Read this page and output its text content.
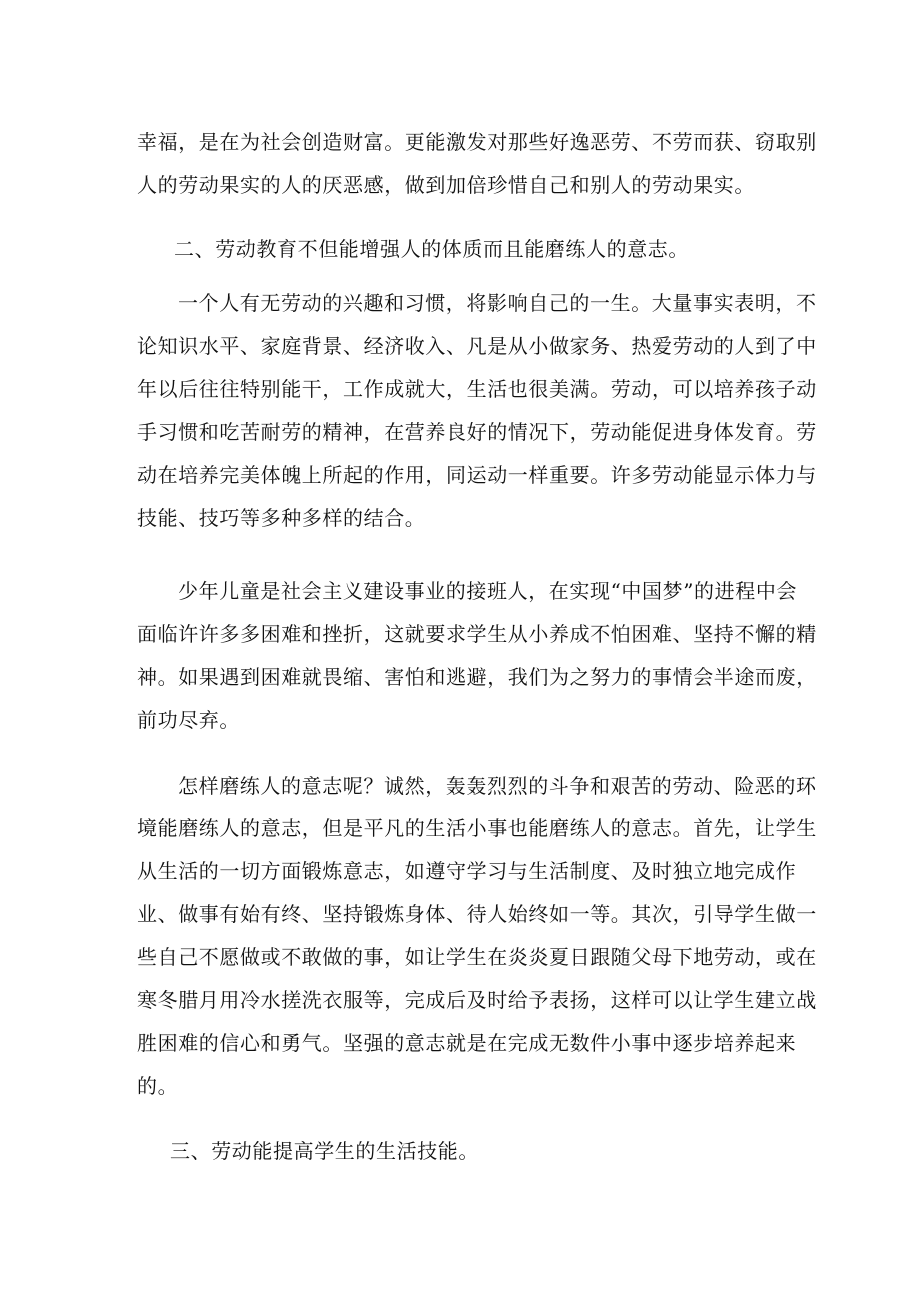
幸福，是在为社会创造财富。更能激发对那些好逸恶劳、不劳而获、窃取别

人的劳动果实的人的厌恶感，做到加倍珍惜自己和别人的劳动果实。

二、劳动教育不但能增强人的体质而且能磨练人的意志。

一个人有无劳动的兴趣和习惯，将影响自己的一生。大量事实表明，不

论知识水平、家庭背景、经济收入、凡是从小做家务、热爱劳动的人到了中

年以后往往特别能干，工作成就大，生活也很美满。劳动，可以培养孩子动

手习惯和吃苦耐劳的精神，在营养良好的情况下，劳动能促进身体发育。劳

动在培养完美体魄上所起的作用，同运动一样重要。许多劳动能显示体力与

技能、技巧等多种多样的结合。

少年儿童是社会主义建设事业的接班人，在实现“中国梦”的进程中会

面临许许多多困难和挫折，这就要求学生从小养成不怕困难、坚持不懈的精

神。如果遇到困难就畏缩、害怕和逃避，我们为之努力的事情会半途而废，

前功尽弃。

怎样磨练人的意志呢？诚然，轰轰烈烈的斗争和艰苦的劳动、险恶的环

境能磨练人的意志，但是平凡的生活小事也能磨练人的意志。首先，让学生

从生活的一切方面锻炼意志，如遵守学习与生活制度、及时独立地完成作

业、做事有始有终、坚持锻炼身体、待人始终如一等。其次，引导学生做一

些自己不愿做或不敢做的事，如让学生在炎炎夏日跟随父母下地劳动，或在

寒冬腊月用冷水搓洗衣服等，完成后及时给予表扬，这样可以让学生建立战

胜困难的信心和勇气。坚强的意志就是在完成无数件小事中逐步培养起来

的。

三、劳动能提高学生的生活技能。
